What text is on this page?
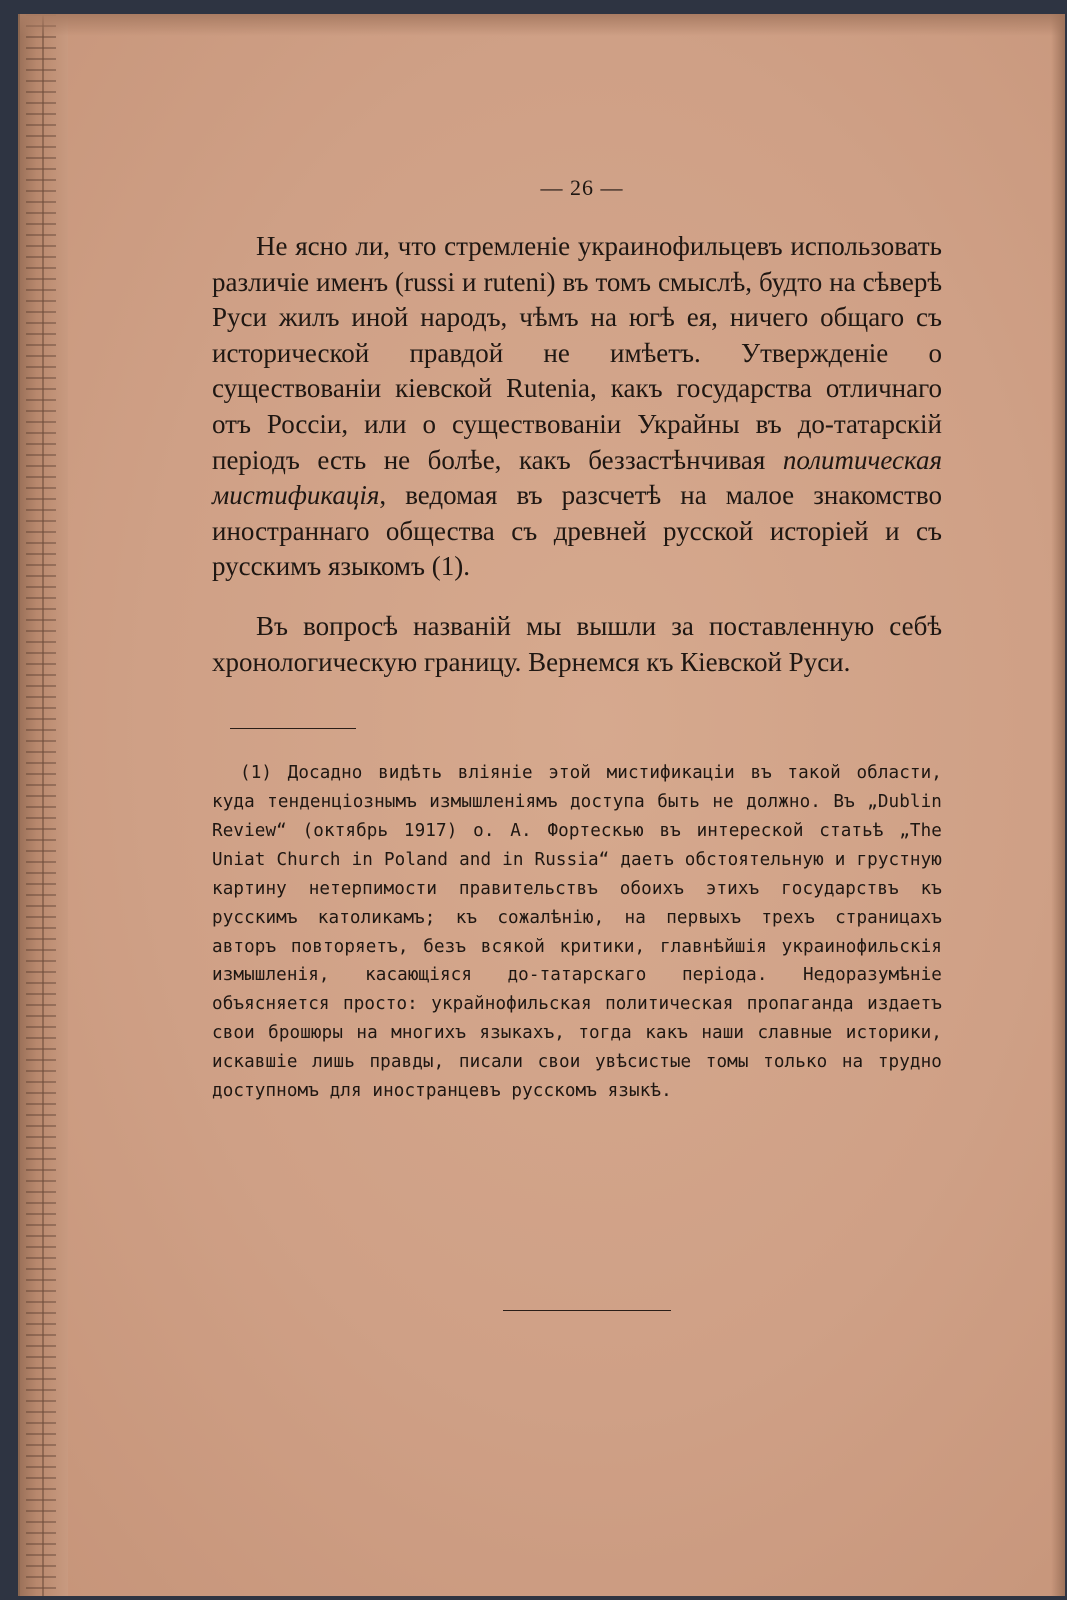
— 26 —

Не ясно ли, что стремленіе украинофильцевъ использовать различіе именъ (russi и ruteni) въ томъ смыслѣ, будто на сѣверѣ Руси жилъ иной народъ, чѣмъ на югѣ ея, ничего общаго съ исторической правдой не имѣетъ. Утвержденіе о существованіи кіевской Rutenia, какъ государства отличнаго отъ Россіи, или о существованіи Украйны въ до-татарскій періодъ есть не болѣе, какъ беззастѣнчивая политическая мистификація, ведомая въ разсчетѣ на малое знакомство иностраннаго общества съ древней русской исторіей и съ русскимъ языкомъ (1).

Въ вопросѣ названій мы вышли за поставленную себѣ хронологическую границу. Вернемся къ Кіевской Руси.

(1) Досадно видѣть вліяніе этой мистификаціи въ такой области, куда тенденціознымъ измышленіямъ доступа быть не должно. Въ „Dublin Review“ (октябрь 1917) о. А. Фортескью въ интереской статьѣ „The Uniat Church in Poland and in Russia“ даетъ обстоятельную и грустную картину нетерпимости правительствъ обоихъ этихъ государствъ къ русскимъ католикамъ; къ сожалѣнію, на первыхъ трехъ страницахъ авторъ повторяетъ, безъ всякой критики, главнѣйшія украинофильскія измышленія, касающіяся до-татарскаго періода. Недоразумѣніе объясняется просто: украйнофильская политическая пропаганда издаетъ свои брошюры на многихъ языкахъ, тогда какъ наши славные историки, искавшіе лишь правды, писали свои увѣсистые томы только на трудно доступномъ для иностранцевъ русскомъ языкѣ.
